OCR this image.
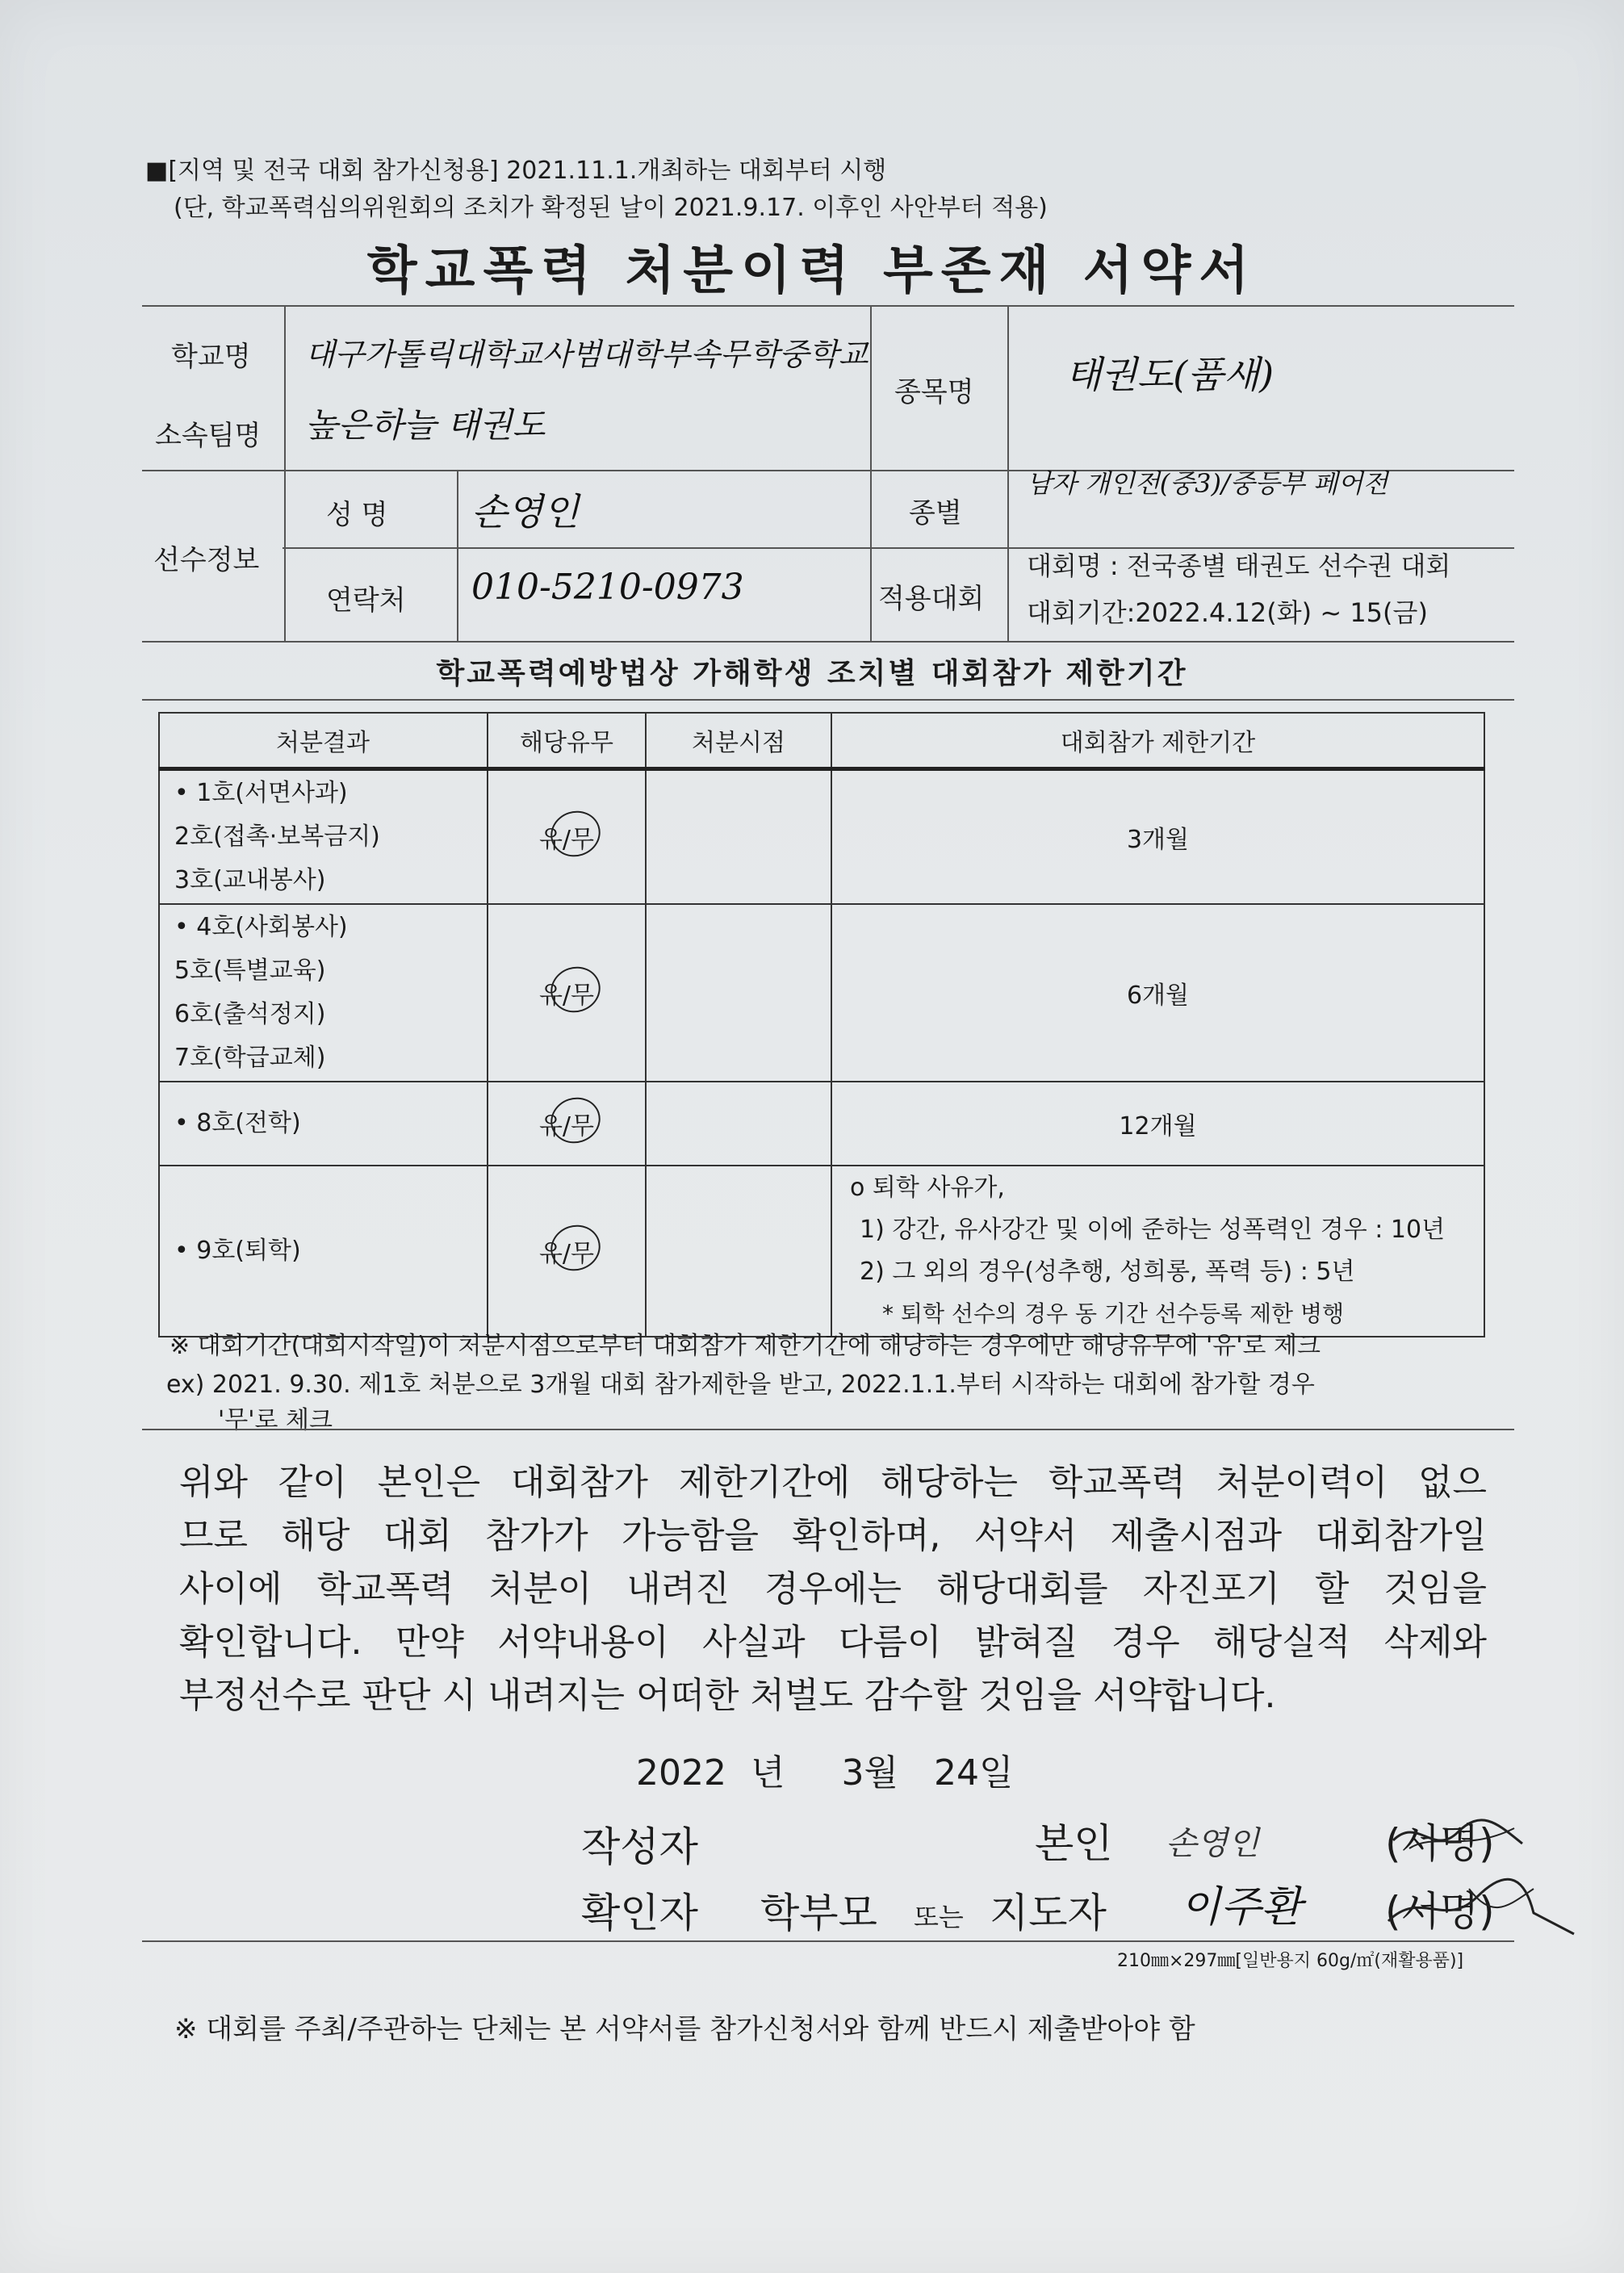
■[지역 및 전국 대회 참가신청용] 2021.11.1.개최하는 대회부터 시행
(단, 학교폭력심의위원회의 조치가 확정된 날이 2021.9.17. 이후인 사안부터 적용)
학교폭력 처분이력 부존재 서약서
학교명 대구가톨릭대학교사범대학부속무학중학교
소속팀명 높은하늘 태권도
종목명 태권도(품새)
선수정보
성 명 손영인
연락처 010-5210-0973
종별
남자 개인전(중3)/중등부 페어전
적용대회
대회명 : 전국종별 태권도 선수권 대회
대회기간:2022.4.12(화) ~ 15(금)
학교폭력예방법상 가해학생 조치별 대회참가 제한기간
처분결과	해당유무	처분시점	대회참가 제한기간

• 1호(서면사과)
2호(접촉·보복금지)
3호(교내봉사)	유/무		3개월

• 4호(사회봉사)
5호(특별교육)
6호(출석정지)
7호(학급교체)	유/무		6개월

• 8호(전학)	유/무		12개월

• 9호(퇴학)	유/무		o 퇴학 사유가,
1) 강간, 유사강간 및 이에 준하는 성폭력인 경우 : 10년
2) 그 외의 경우(성추행, 성희롱, 폭력 등) : 5년
* 퇴학 선수의 경우 동 기간 선수등록 제한 병행
※ 대회기간(대회시작일)이 처분시점으로부터 대회참가 제한기간에 해당하는 경우에만 해당유무에 '유'로 체크
ex) 2021. 9.30. 제1호 처분으로 3개월 대회 참가제한을 받고, 2022.1.1.부터 시작하는 대회에 참가할 경우
'무'로 체크
위와 같이 본인은 대회참가 제한기간에 해당하는 학교폭력 처분이력이 없으
므로 해당 대회 참가가 가능함을 확인하며, 서약서 제출시점과 대회참가일
사이에 학교폭력 처분이 내려진 경우에는 해당대회를 자진포기 할 것임을
확인합니다. 만약 서약내용이 사실과 다름이 밝혀질 경우 해당실적 삭제와
부정선수로 판단 시 내려지는 어떠한 처벌도 감수할 것임을 서약합니다.
2022 년 3월 24일
작성자	본인 손영인	(서명)
확인자 학부모 또는 지도자 이주환 (서명)
210㎜×297㎜[일반용지 60g/㎡(재활용품)]
※ 대회를 주최/주관하는 단체는 본 서약서를 참가신청서와 함께 반드시 제출받아야 함
